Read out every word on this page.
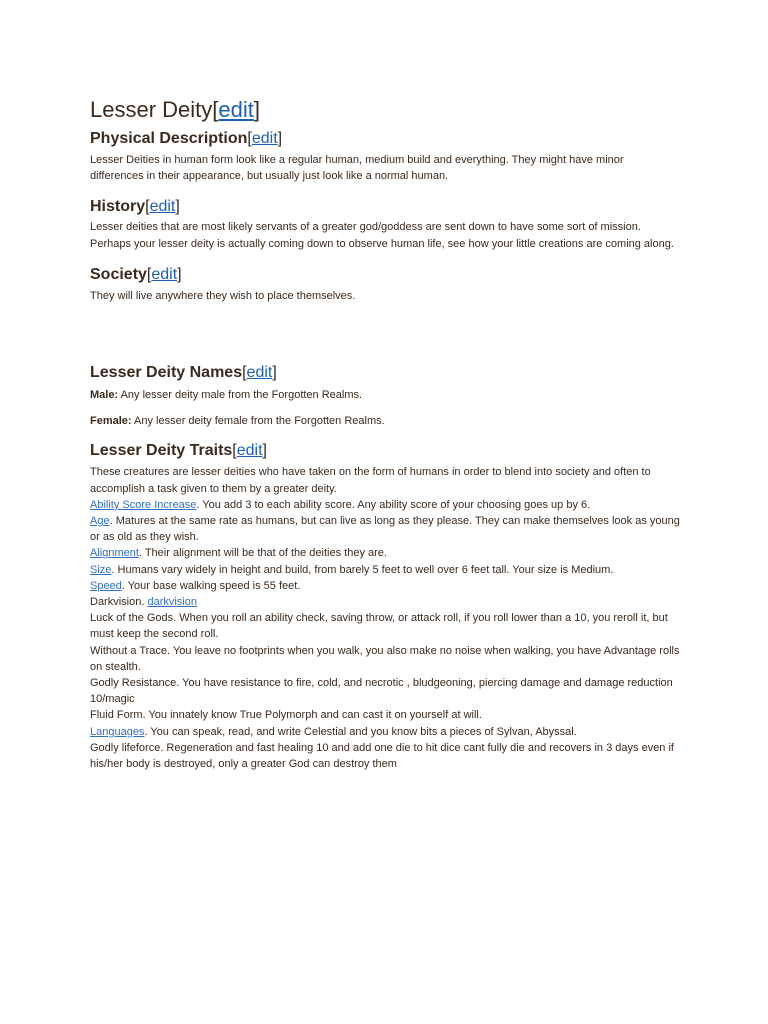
Lesser Deity[edit]
Physical Description[edit]

Lesser Deities in human form look like a regular human, medium build and everything. They might have minor differences in their appearance, but usually just look like a normal human.

History[edit]

Lesser deities that are most likely servants of a greater god/goddess are sent down to have some sort of mission. Perhaps your lesser deity is actually coming down to observe human life, see how your little creations are coming along.

Society[edit]

They will live anywhere they wish to place themselves.

Lesser Deity Names[edit]

Male: Any lesser deity male from the Forgotten Realms.

Female: Any lesser deity female from the Forgotten Realms.

Lesser Deity Traits[edit]

These creatures are lesser deities who have taken on the form of humans in order to blend into society and often to accomplish a task given to them by a greater deity.

Ability Score Increase. You add 3 to each ability score. Any ability score of your choosing goes up by 6.

Age. Matures at the same rate as humans, but can live as long as they please. They can make themselves look as young or as old as they wish.

Alignment. Their alignment will be that of the deities they are.

Size. Humans vary widely in height and build, from barely 5 feet to well over 6 feet tall. Your size is Medium.

Speed. Your base walking speed is 55 feet.

Darkvision. darkvision

Luck of the Gods. When you roll an ability check, saving throw, or attack roll, if you roll lower than a 10, you reroll it, but must keep the second roll.

Without a Trace. You leave no footprints when you walk, you also make no noise when walking, you have Advantage rolls on stealth.

Godly Resistance. You have resistance to fire, cold, and necrotic , bludgeoning, piercing damage and damage reduction 10/magic

Fluid Form. You innately know True Polymorph and can cast it on yourself at will.

Languages. You can speak, read, and write Celestial and you know bits a pieces of Sylvan, Abyssal.

Godly lifeforce. Regeneration and fast healing 10 and add one die to hit dice cant fully die and recovers in 3 days even if his/her body is destroyed, only a greater God can destroy them
